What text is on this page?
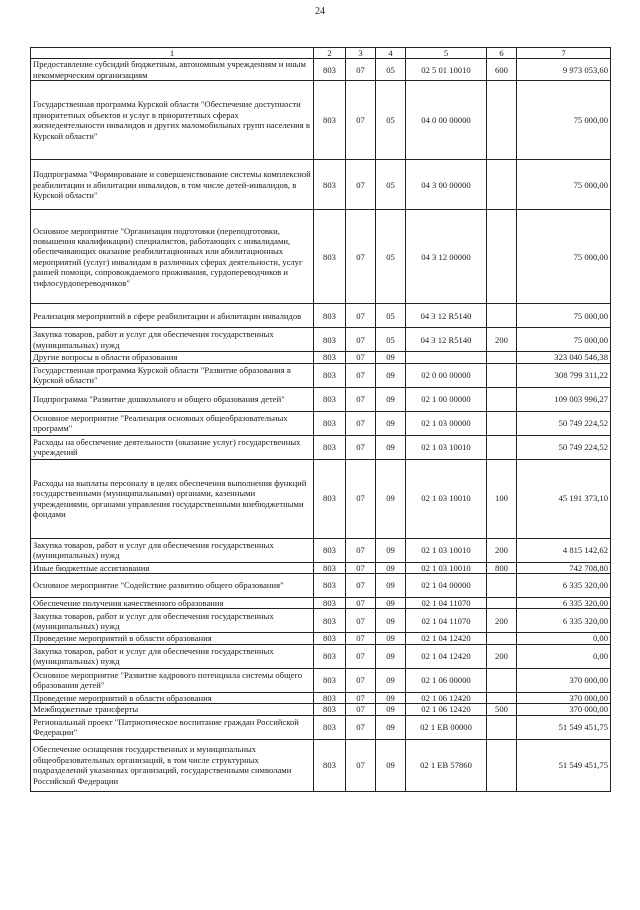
24
1	2	3	4	5	6	7
Предоставление субсидий бюджетным, автономным учреждениям и иным некоммерческим организациям	803	07	05	02 5 01 10010	600	9 973 053,60
Государственная программа Курской области "Обеспечение доступности приоритетных объектов и услуг в приоритетных сферах жизнедеятельности инвалидов и других маломобильных групп населения в Курской области"	803	07	05	04 0 00 00000		75 000,00
Подпрограмма "Формирование и совершенствование системы комплексной реабилитации и абилитации инвалидов, в том числе детей-инвалидов, в Курской области"	803	07	05	04 3 00 00000		75 000,00
Основное мероприятие "Организация подготовки (переподготовки, повышения квалификации) специалистов, работающих с инвалидами, обеспечивающих оказание реабилитационных или абилитационных мероприятий (услуг) инвалидам в различных сферах деятельности, услуг ранней помощи, сопровождаемого проживания, сурдопереводчиков и тифлосурдопереводчиков"	803	07	05	04 3 12 00000		75 000,00
Реализация мероприятий в сфере реабилитации и абилитации инвалидов	803	07	05	04 3 12 R5140		75 000,00
Закупка товаров, работ и услуг для обеспечения государственных (муниципальных) нужд	803	07	05	04 3 12 R5140	200	75 000,00
Другие вопросы в области образования	803	07	09			323 040 546,38
Государственная программа Курской области "Развитие образования в Курской области"	803	07	09	02 0 00 00000		308 799 311,22
Подпрограмма "Развитие дошкольного и общего образования детей"	803	07	09	02 1 00 00000		109 003 996,27
Основное мероприятие "Реализация основных общеобразовательных программ"	803	07	09	02 1 03 00000		50 749 224,52
Расходы на обеспечение деятельности (оказание услуг) государственных учреждений	803	07	09	02 1 03 10010		50 749 224,52
Расходы на выплаты персоналу в целях обеспечения выполнения функций государственными (муниципальными) органами, казенными учреждениями, органами управления государственными внебюджетными фондами	803	07	09	02 1 03 10010	100	45 191 373,10
Закупка товаров, работ и услуг для обеспечения государственных (муниципальных) нужд	803	07	09	02 1 03 10010	200	4 815 142,62
Иные бюджетные ассигнования	803	07	09	02 1 03 10010	800	742 708,80
Основное мероприятие "Содействие развитию общего образования"	803	07	09	02 1 04 00000		6 335 320,00
Обеспечение получения качественного образования	803	07	09	02 1 04 11070		6 335 320,00
Закупка товаров, работ и услуг для обеспечения государственных (муниципальных) нужд	803	07	09	02 1 04 11070	200	6 335 320,00
Проведение мероприятий в области образования	803	07	09	02 1 04 12420		0,00
Закупка товаров, работ и услуг для обеспечения государственных (муниципальных) нужд	803	07	09	02 1 04 12420	200	0,00
Основное мероприятие "Развитие кадрового потенциала системы общего образования детей"	803	07	09	02 1 06 00000		370 000,00
Проведение мероприятий в области образования	803	07	09	02 1 06 12420		370 000,00
Межбюджетные трансферты	803	07	09	02 1 06 12420	500	370 000,00
Региональный проект "Патриотическое воспитание граждан Российской Федерации"	803	07	09	02 1 ЕВ 00000		51 549 451,75
Обеспечение оснащения государственных и муниципальных общеобразовательных организаций, в том числе структурных подразделений указанных организаций, государственными символами Российской Федерации	803	07	09	02 1 ЕВ 57860		51 549 451,75
